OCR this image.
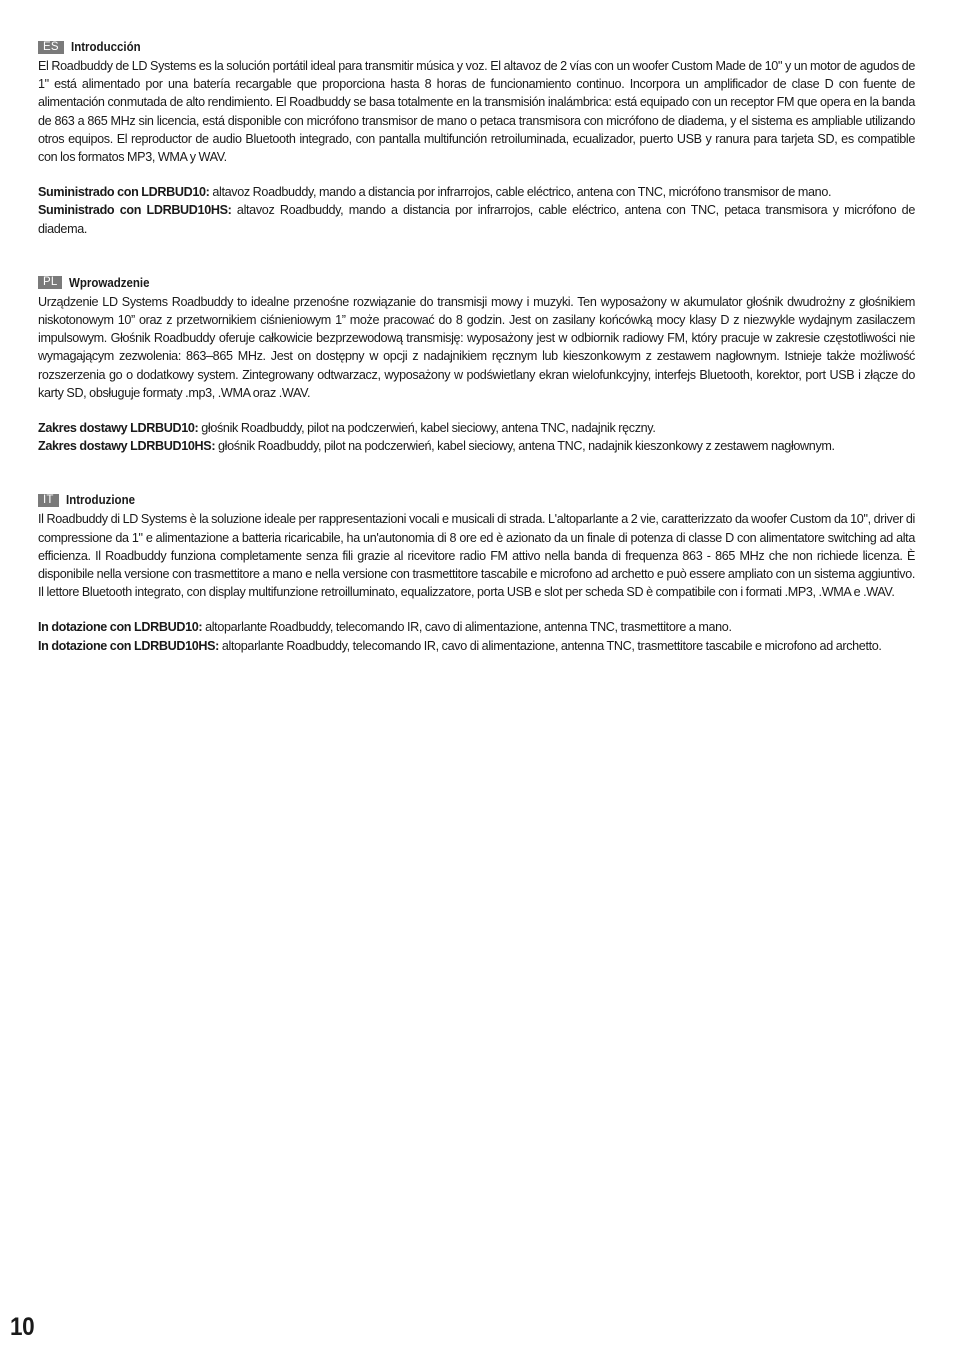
ES Introducción

El Roadbuddy de LD Systems es la solución portátil ideal para transmitir música y voz. El altavoz de 2 vías con un woofer Custom Made de 10" y un motor de agudos de 1" está alimentado por una batería recargable que proporciona hasta 8 horas de funcionamiento continuo. Incorpora un amplificador de clase D con fuente de alimentación conmutada de alto rendimiento. El Roadbuddy se basa totalmente en la transmisión inalámbrica: está equipado con un receptor FM que opera en la banda de 863 a 865 MHz sin licencia, está disponible con micrófono transmisor de mano o petaca transmisora con micrófono de diadema, y el sistema es ampliable utilizando otros equipos. El reproductor de audio Bluetooth integrado, con pantalla multifunción retroiluminada, ecualizador, puerto USB y ranura para tarjeta SD, es compatible con los formatos MP3, WMA y WAV.

Suministrado con LDRBUD10: altavoz Roadbuddy, mando a distancia por infrarrojos, cable eléctrico, antena con TNC, micrófono transmisor de mano.

Suministrado con LDRBUD10HS: altavoz Roadbuddy, mando a distancia por infrarrojos, cable eléctrico, antena con TNC, petaca transmisora y micrófono de diadema.

PL Wprowadzenie

Urządzenie LD Systems Roadbuddy to idealne przenośne rozwiązanie do transmisji mowy i muzyki. Ten wyposażony w akumulator głośnik dwudrożny z głośnikiem niskotonowym 10” oraz z przetwornikiem ciśnieniowym 1” może pracować do 8 godzin. Jest on zasilany końcówką mocy klasy D z niezwykle wydajnym zasilaczem impulsowym. Głośnik Roadbuddy oferuje całkowicie bezprzewodową transmisję: wyposażony jest w odbiornik radiowy FM, który pracuje w zakresie częstotliwości nie wymagającym zezwolenia: 863–865 MHz. Jest on dostępny w opcji z nadajnikiem ręcznym lub kieszonkowym z zestawem nagłownym. Istnieje także możliwość rozszerzenia go o dodatkowy system. Zintegrowany odtwarzacz, wyposażony w podświetlany ekran wielofunkcyjny, interfejs Bluetooth, korektor, port USB i złącze do karty SD, obsługuje formaty .mp3, .WMA oraz .WAV.

Zakres dostawy LDRBUD10: głośnik Roadbuddy, pilot na podczerwień, kabel sieciowy, antena TNC, nadajnik ręczny.

Zakres dostawy LDRBUD10HS: głośnik Roadbuddy, pilot na podczerwień, kabel sieciowy, antena TNC, nadajnik kieszonkowy z zestawem nagłownym.

IT Introduzione

Il Roadbuddy di LD Systems è la soluzione ideale per rappresentazioni vocali e musicali di strada. L'altoparlante a 2 vie, caratterizzato da woofer Custom da 10", driver di compressione da 1" e alimentazione a batteria ricaricabile, ha un'autonomia di 8 ore ed è azionato da un finale di potenza di classe D con alimentatore switching ad alta efficienza. Il Roadbuddy funziona completamente senza fili grazie al ricevitore radio FM attivo nella banda di frequenza 863 - 865 MHz che non richiede licenza. È disponibile nella versione con trasmettitore a mano e nella versione con trasmettitore tascabile e microfono ad archetto e può essere ampliato con un sistema aggiuntivo. Il lettore Bluetooth integrato, con display multifunzione retroilluminato, equalizzatore, porta USB e slot per scheda SD è compatibile con i formati .MP3, .WMA e .WAV.

In dotazione con LDRBUD10: altoparlante Roadbuddy, telecomando IR, cavo di alimentazione, antenna TNC, trasmettitore a mano.

In dotazione con LDRBUD10HS: altoparlante Roadbuddy, telecomando IR, cavo di alimentazione, antenna TNC, trasmettitore tascabile e microfono ad archetto.

10
